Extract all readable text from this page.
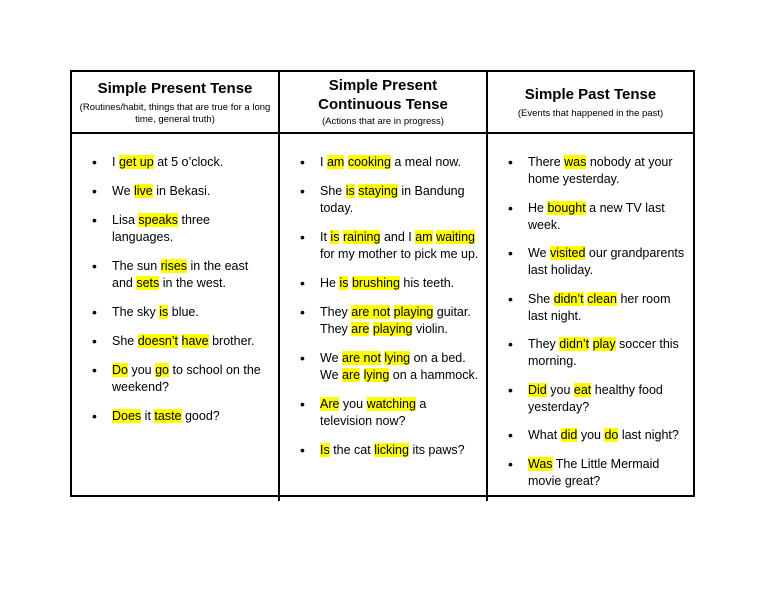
Simple Present Tense
(Routines/habit, things that are true for a long time, general truth)
Simple Present Continuous Tense
(Actions that are in progress)
Simple Past Tense
(Events that happened in the past)
• I get up at 5 o’clock.
• We live in Bekasi.
• Lisa speaks three languages.
• The sun rises in the east and sets in the west.
• The sky is blue.
• She doesn’t have brother.
• Do you go to school on the weekend?
• Does it taste good?
• I am cooking a meal now.
• She is staying in Bandung today.
• It is raining and I am waiting for my mother to pick me up.
• He is brushing his teeth.
• They are not playing guitar.
They are playing violin.
• We are not lying on a bed.
We are lying on a hammock.
• Are you watching a television now?
• Is the cat licking its paws?
• There was nobody at your home yesterday.
• He bought a new TV last week.
• We visited our grandparents last holiday.
• She didn’t clean her room last night.
• They didn’t play soccer this morning.
• Did you eat healthy food yesterday?
• What did you do last night?
• Was The Little Mermaid movie great?
